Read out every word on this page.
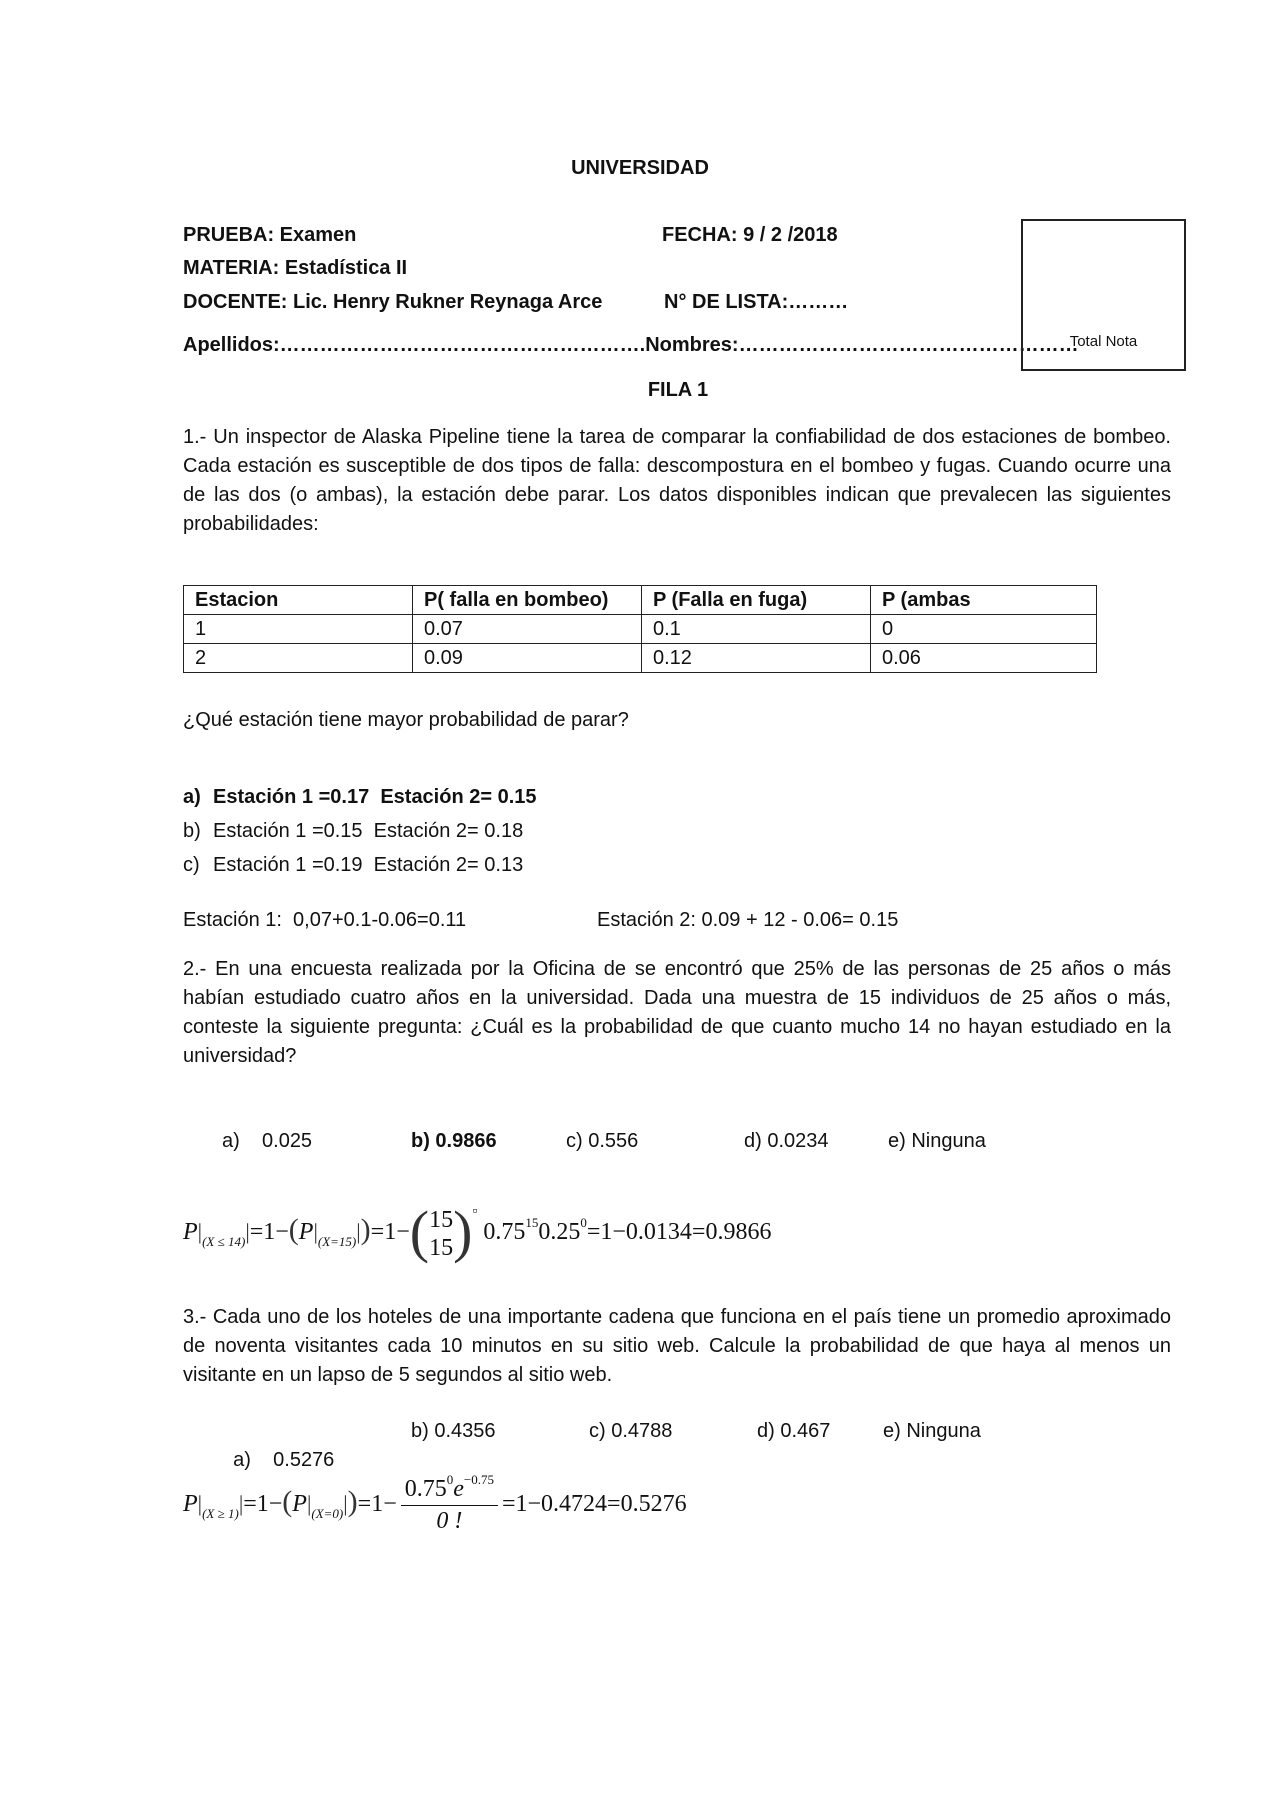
UNIVERSIDAD
PRUEBA: Examen	FECHA: 9 / 2 /2018
MATERIA: Estadística II
DOCENTE: Lic. Henry Rukner Reynaga Arce	N° DE LISTA:………
Apellidos:……………………………………………….Nombres:……………………………………………
Total Nota
FILA 1
1.- Un inspector de Alaska Pipeline tiene la tarea de comparar la confiabilidad de dos estaciones de bombeo. Cada estación es susceptible de dos tipos de falla: descompostura en el bombeo y fugas. Cuando ocurre una de las dos (o ambas), la estación debe parar. Los datos disponibles indican que prevalecen las siguientes probabilidades:
Estacion	P( falla en bombeo)	P (Falla en fuga)	P (ambas
1	0.07	0.1	0
2	0.09	0.12	0.06
¿Qué estación tiene mayor probabilidad de parar?
a) Estación 1 =0.17  Estación 2= 0.15
b) Estación 1 =0.15  Estación 2= 0.18
c) Estación 1 =0.19  Estación 2= 0.13
Estación 1:  0,07+0.1-0.06=0.11	Estación 2: 0.09 + 12 - 0.06= 0.15
2.- En una encuesta realizada por la Oficina de se encontró que 25% de las personas de 25 años o más habían estudiado cuatro años en la universidad. Dada una muestra de 15 individuos de 25 años o más, conteste la siguiente pregunta: ¿Cuál es la probabilidad de que cuanto mucho 14 no hayan estudiado en la universidad?
a)    0.025	b) 0.9866	c) 0.556	d) 0.0234	e) Ninguna
$P|_{(X \le 14)}|=1-(P|_{(X=15)}|)=1-$( 15
15 )▫ $0.75^{15}0.25^0=1-0.0134=0.9866$
3.- Cada uno de los hoteles de una importante cadena que funciona en el país tiene un promedio aproximado de noventa visitantes cada 10 minutos en su sitio web. Calcule la probabilidad de que haya al menos un visitante en un lapso de 5 segundos al sitio web.

a)    0.5276

b) 0.4356	c) 0.4788	d) 0.467	e) Ninguna
$P|_{(X \ge 1)}|=1-(P|_{(X=0)}|)=1- \frac{0.75^0e^{-0.75}}{0 !} =1-0.4724=0.5276$
